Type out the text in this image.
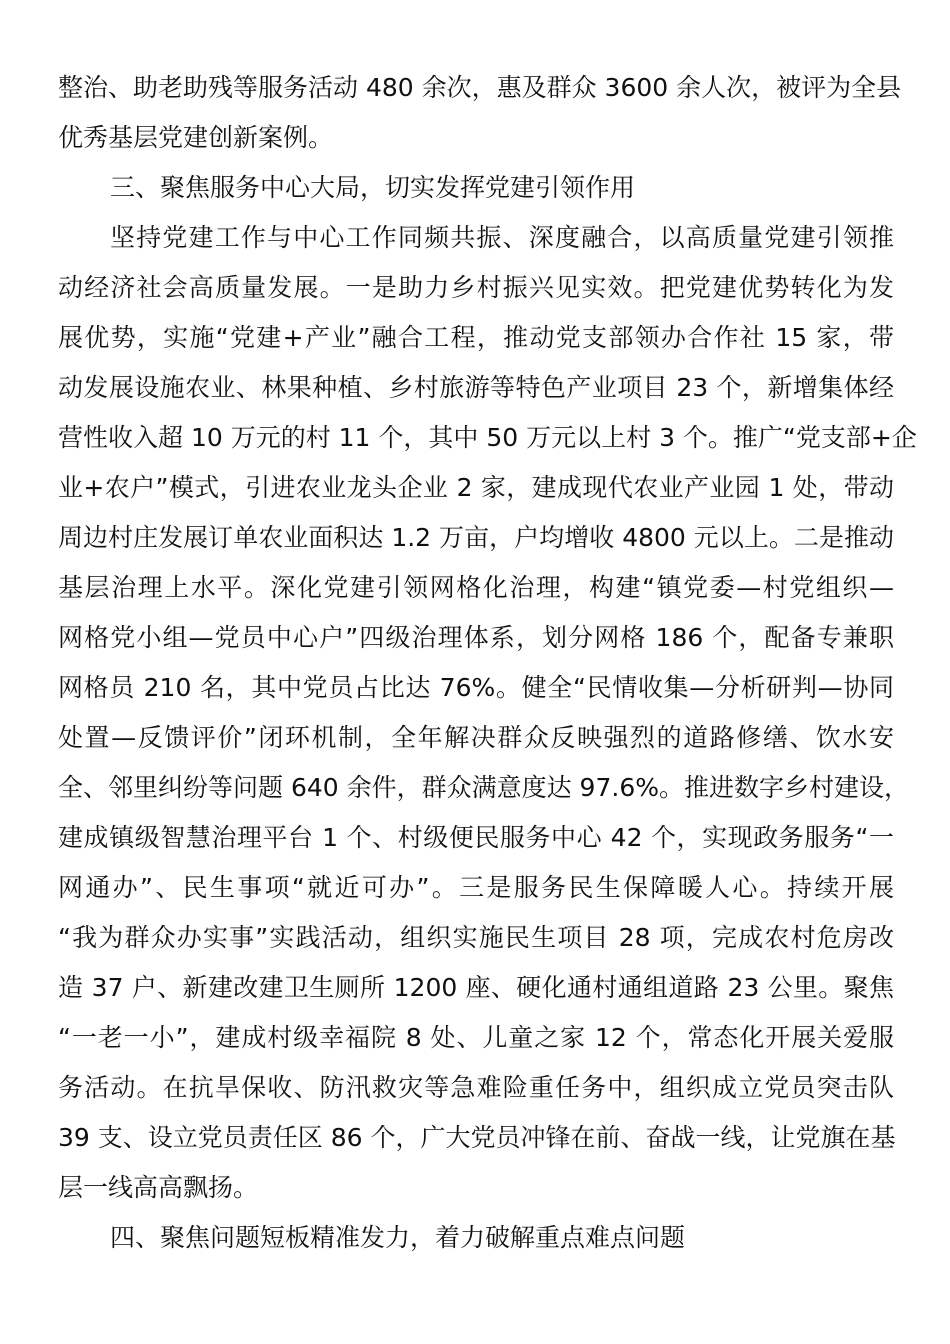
整治、助老助残等服务活动 480 余次，惠及群众 3600 余人次，被评为全县
优秀基层党建创新案例。
三、聚焦服务中心大局，切实发挥党建引领作用
坚持党建工作与中心工作同频共振、深度融合，以高质量党建引领推
动经济社会高质量发展。一是助力乡村振兴见实效。把党建优势转化为发
展优势，实施“党建+产业”融合工程，推动党支部领办合作社 15 家，带
动发展设施农业、林果种植、乡村旅游等特色产业项目 23 个，新增集体经
营性收入超 10 万元的村 11 个，其中 50 万元以上村 3 个。推广“党支部+企
业+农户”模式，引进农业龙头企业 2 家，建成现代农业产业园 1 处，带动
周边村庄发展订单农业面积达 1.2 万亩，户均增收 4800 元以上。二是推动
基层治理上水平。深化党建引领网格化治理，构建“镇党委—村党组织—
网格党小组—党员中心户”四级治理体系，划分网格 186 个，配备专兼职
网格员 210 名，其中党员占比达 76%。健全“民情收集—分析研判—协同
处置—反馈评价”闭环机制，全年解决群众反映强烈的道路修缮、饮水安
全、邻里纠纷等问题 640 余件，群众满意度达 97.6%。推进数字乡村建设，
建成镇级智慧治理平台 1 个、村级便民服务中心 42 个，实现政务服务“一
网通办”、民生事项“就近可办”。三是服务民生保障暖人心。持续开展
“我为群众办实事”实践活动，组织实施民生项目 28 项，完成农村危房改
造 37 户、新建改建卫生厕所 1200 座、硬化通村通组道路 23 公里。聚焦
“一老一小”，建成村级幸福院 8 处、儿童之家 12 个，常态化开展关爱服
务活动。在抗旱保收、防汛救灾等急难险重任务中，组织成立党员突击队
39 支、设立党员责任区 86 个，广大党员冲锋在前、奋战一线，让党旗在基
层一线高高飘扬。
四、聚焦问题短板精准发力，着力破解重点难点问题
